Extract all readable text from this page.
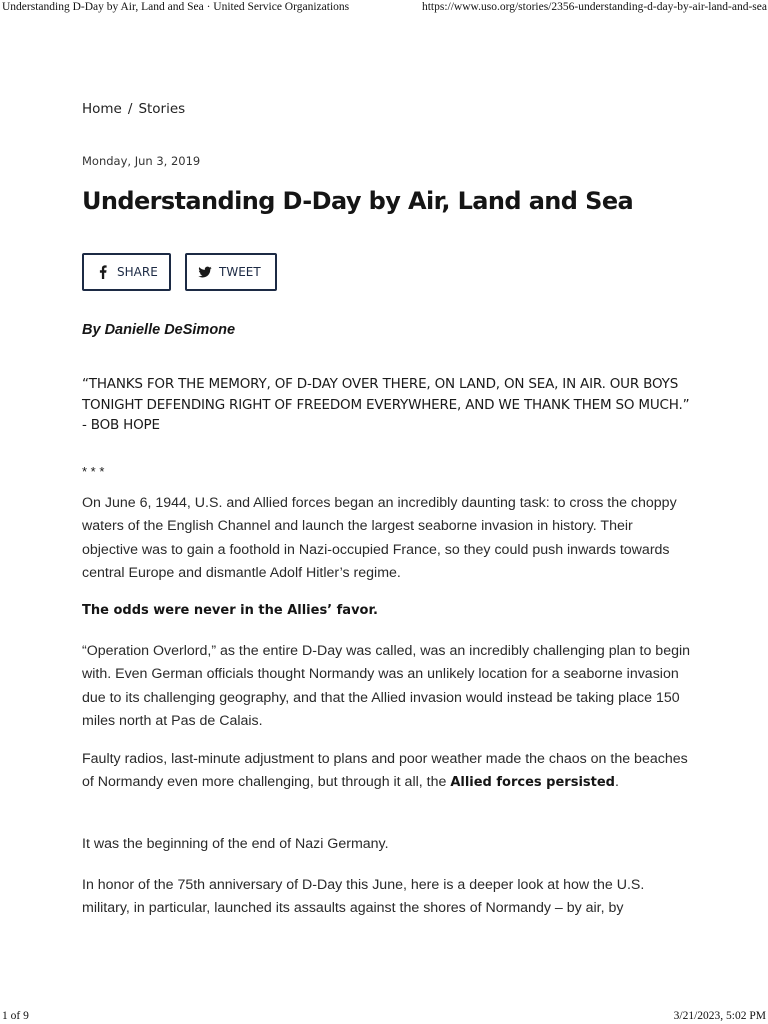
Understanding D-Day by Air, Land and Sea · United Service Organizations	https://www.uso.org/stories/2356-understanding-d-day-by-air-land-and-sea
Home / Stories
Monday, Jun 3, 2019
Understanding D-Day by Air, Land and Sea
SHARE	TWEET
By Danielle DeSimone

“THANKS FOR THE MEMORY, OF D-DAY OVER THERE, ON LAND, ON SEA, IN AIR. OUR BOYS TONIGHT DEFENDING RIGHT OF FREEDOM EVERYWHERE, AND WE THANK THEM SO MUCH.” - BOB HOPE

* * *

On June 6, 1944, U.S. and Allied forces began an incredibly daunting task: to cross the choppy waters of the English Channel and launch the largest seaborne invasion in history. Their objective was to gain a foothold in Nazi-occupied France, so they could push inwards towards central Europe and dismantle Adolf Hitler’s regime.

The odds were never in the Allies’ favor.

“Operation Overlord,” as the entire D-Day was called, was an incredibly challenging plan to begin with. Even German officials thought Normandy was an unlikely location for a seaborne invasion due to its challenging geography, and that the Allied invasion would instead be taking place 150 miles north at Pas de Calais.

Faulty radios, last-minute adjustment to plans and poor weather made the chaos on the beaches of Normandy even more challenging, but through it all, the Allied forces persisted.

It was the beginning of the end of Nazi Germany.

In honor of the 75th anniversary of D-Day this June, here is a deeper look at how the U.S. military, in particular, launched its assaults against the shores of Normandy – by air, by

1 of 9	3/21/2023, 5:02 PM
